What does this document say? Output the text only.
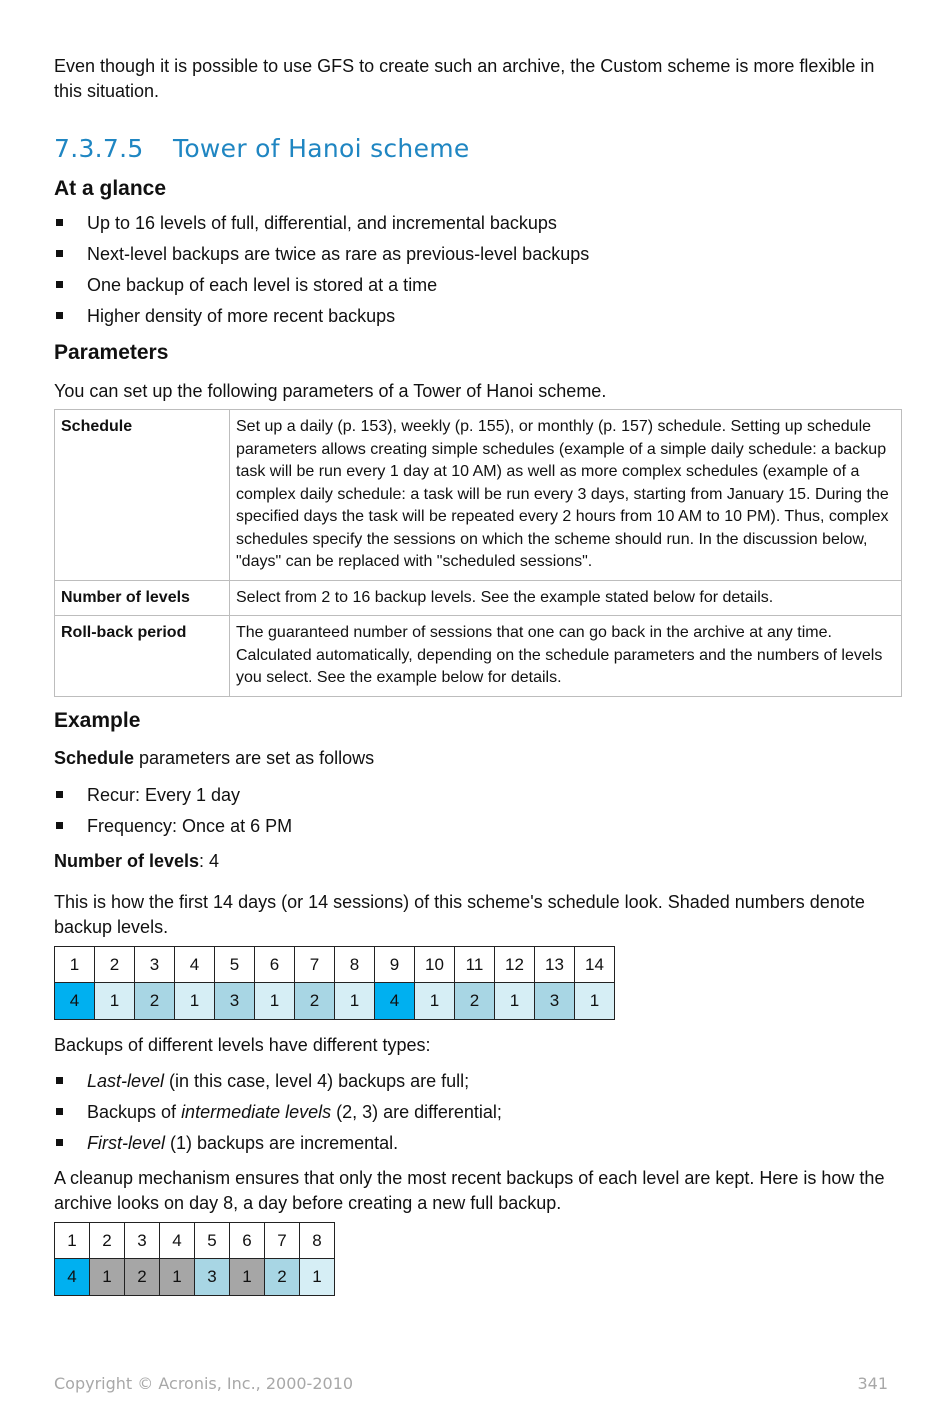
Even though it is possible to use GFS to create such an archive, the Custom scheme is more flexible in this situation.

7.3.7.5 Tower of Hanoi scheme
At a glance
Up to 16 levels of full, differential, and incremental backups
Next-level backups are twice as rare as previous-level backups
One backup of each level is stored at a time
Higher density of more recent backups
Parameters

You can set up the following parameters of a Tower of Hanoi scheme.

Schedule	Set up a daily (p. 153), weekly (p. 155), or monthly (p. 157) schedule. Setting up schedule parameters allows creating simple schedules (example of a simple daily schedule: a backup task will be run every 1 day at 10 AM) as well as more complex schedules (example of a complex daily schedule: a task will be run every 3 days, starting from January 15. During the specified days the task will be repeated every 2 hours from 10 AM to 10 PM). Thus, complex schedules specify the sessions on which the scheme should run. In the discussion below, "days" can be replaced with "scheduled sessions".
Number of levels	Select from 2 to 16 backup levels. See the example stated below for details.
Roll-back period	The guaranteed number of sessions that one can go back in the archive at any time. Calculated automatically, depending on the schedule parameters and the numbers of levels you select. See the example below for details.
Example

Schedule parameters are set as follows

Recur: Every 1 day
Frequency: Once at 6 PM

Number of levels: 4

This is how the first 14 days (or 14 sessions) of this scheme's schedule look. Shaded numbers denote backup levels.

1	2	3	4	5	6	7	8	9	10	11	12	13	14
4	1	2	1	3	1	2	1	4	1	2	1	3	1

Backups of different levels have different types:

Last-level (in this case, level 4) backups are full;
Backups of intermediate levels (2, 3) are differential;
First-level (1) backups are incremental.

A cleanup mechanism ensures that only the most recent backups of each level are kept. Here is how the archive looks on day 8, a day before creating a new full backup.

1	2	3	4	5	6	7	8
4	1	2	1	3	1	2	1
Copyright © Acronis, Inc., 2000-2010	341
